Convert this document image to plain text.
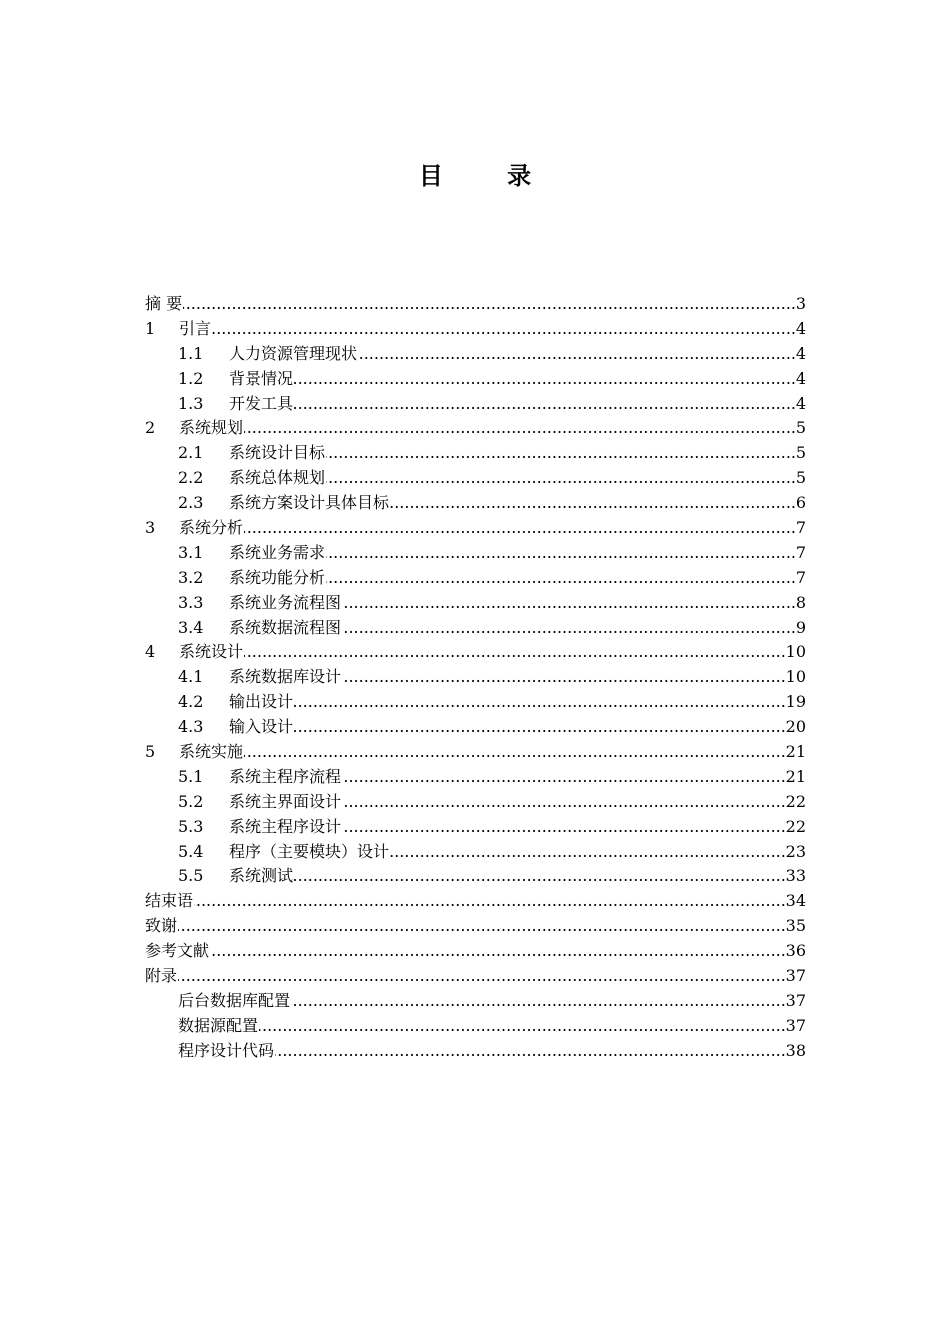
目 录
摘 要	3
.....
1 引言	4
.....
1.1 人力资源管理现状	4
.....
1.2 背景情况	4
.....
1.3 开发工具	4
.....
2 系统规划	5
.....
2.1 系统设计目标	5
.....
2.2 系统总体规划	5
.....
2.3 系统方案设计具体目标	6
.....
3 系统分析	7
.....
3.1 系统业务需求	7
.....
3.2 系统功能分析	7
.....
3.3 系统业务流程图	8
.....
3.4 系统数据流程图	9
.....
4 系统设计	10
.....
4.1 系统数据库设计	10
.....
4.2 输出设计	19
.....
4.3 输入设计	20
.....
5 系统实施	21
.....
5.1 系统主程序流程	21
.....
5.2 系统主界面设计	22
.....
5.3 系统主程序设计	22
.....
5.4 程序（主要模块）设计	23
.....
5.5 系统测试	33
.....
结束语	34
.....
致谢	35
.....
参考文献	36
.....
附录	37
.....
后台数据库配置	37
.....
数据源配置	37
.....
程序设计代码	38
.....
